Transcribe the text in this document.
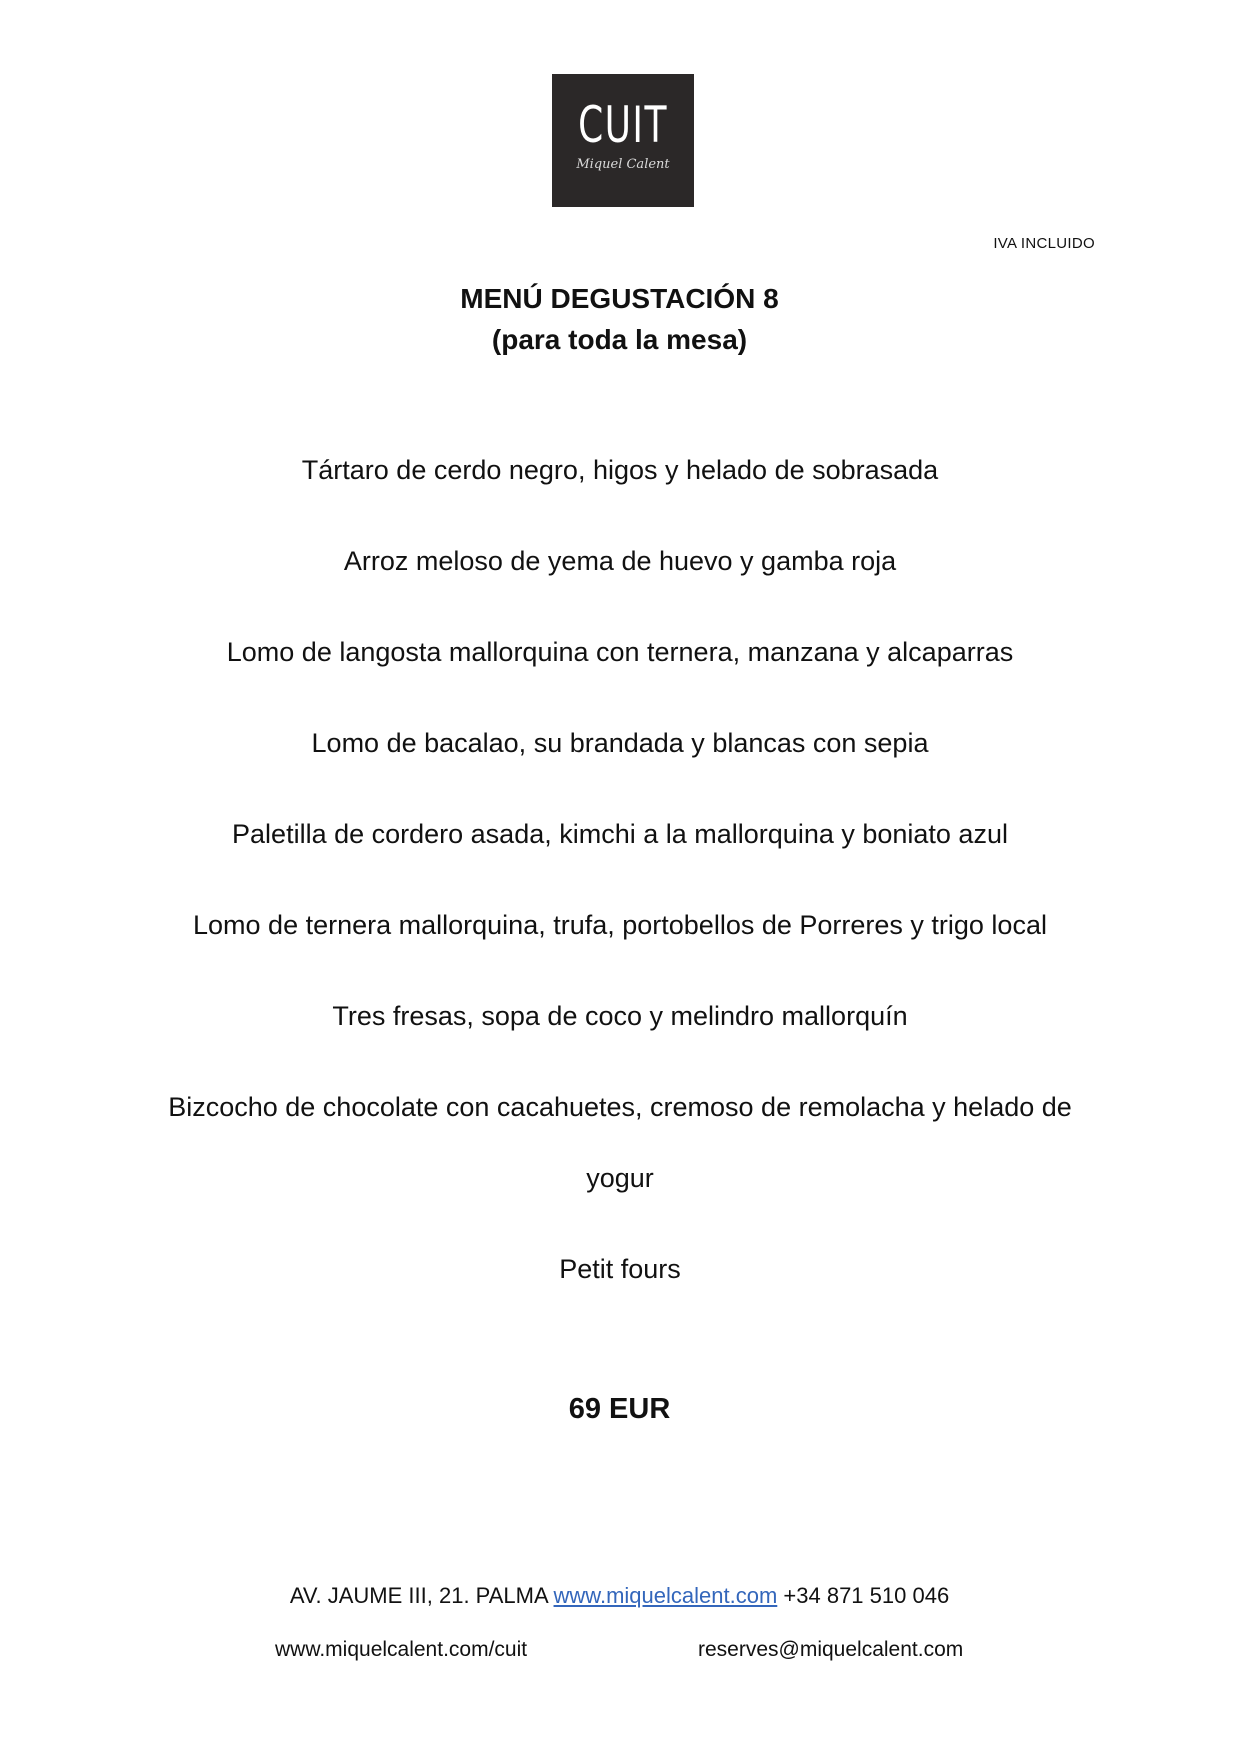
CUIT
Miquel Calent
IVA INCLUIDO
MENÚ DEGUSTACIÓN 8
(para toda la mesa)
Tártaro de cerdo negro, higos y helado de sobrasada
Arroz meloso de yema de huevo y gamba roja
Lomo de langosta mallorquina con ternera, manzana y alcaparras
Lomo de bacalao, su brandada y blancas con sepia
Paletilla de cordero asada, kimchi a la mallorquina y boniato azul
Lomo de ternera mallorquina, trufa, portobellos de Porreres y trigo local
Tres fresas, sopa de coco y melindro mallorquín
Bizcocho de chocolate con cacahuetes, cremoso de remolacha y helado de yogur
Petit fours
69 EUR
AV. JAUME III, 21. PALMA www.miquelcalent.com +34 871 510 046
www.miquelcalent.com/cuit	reserves@miquelcalent.com
